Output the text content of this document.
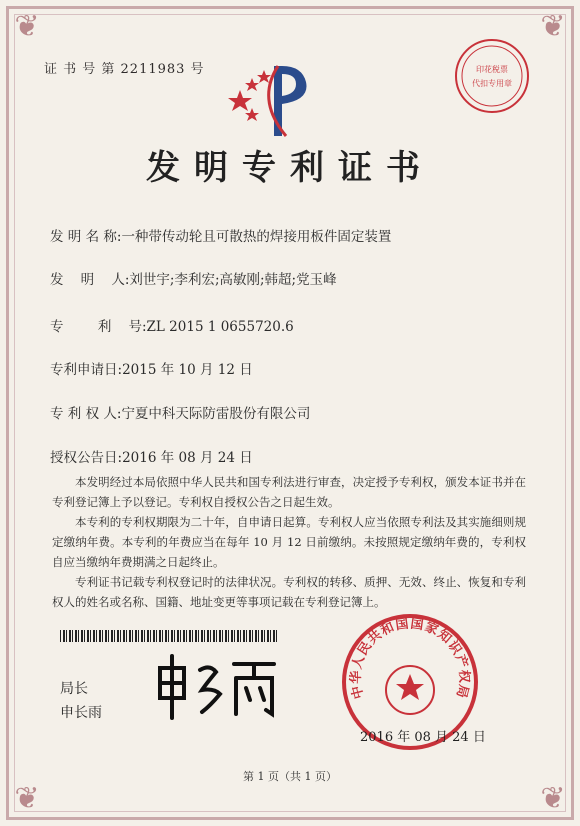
❦	❦
❦	❦
证 书 号 第 2211983 号	印花税票
代扣专用章
发明专利证书
发 明 名 称:一种带传动轮且可散热的焊接用板件固定装置
发    明    人:刘世宇;李利宏;高敏刚;韩超;党玉峰
专        利    号:ZL 2015 1 0655720.6
专利申请日:2015 年 10 月 12 日
专 利 权 人:宁夏中科天际防雷股份有限公司
授权公告日:2016 年 08 月 24 日

本发明经过本局依照中华人民共和国专利法进行审查，决定授予专利权，颁发本证书并在专利登记簿上予以登记。专利权自授权公告之日起生效。

本专利的专利权期限为二十年，自申请日起算。专利权人应当依照专利法及其实施细则规定缴纳年费。本专利的年费应当在每年 10 月 12 日前缴纳。未按照规定缴纳年费的，专利权自应当缴纳年费期满之日起终止。

专利证书记载专利权登记时的法律状况。专利权的转移、质押、无效、终止、恢复和专利权人的姓名或名称、国籍、地址变更等事项记载在专利登记簿上。

局长
申长雨
中华人民共和国国家知识产权局
2016 年 08 月 24 日
第 1 页（共 1 页）
